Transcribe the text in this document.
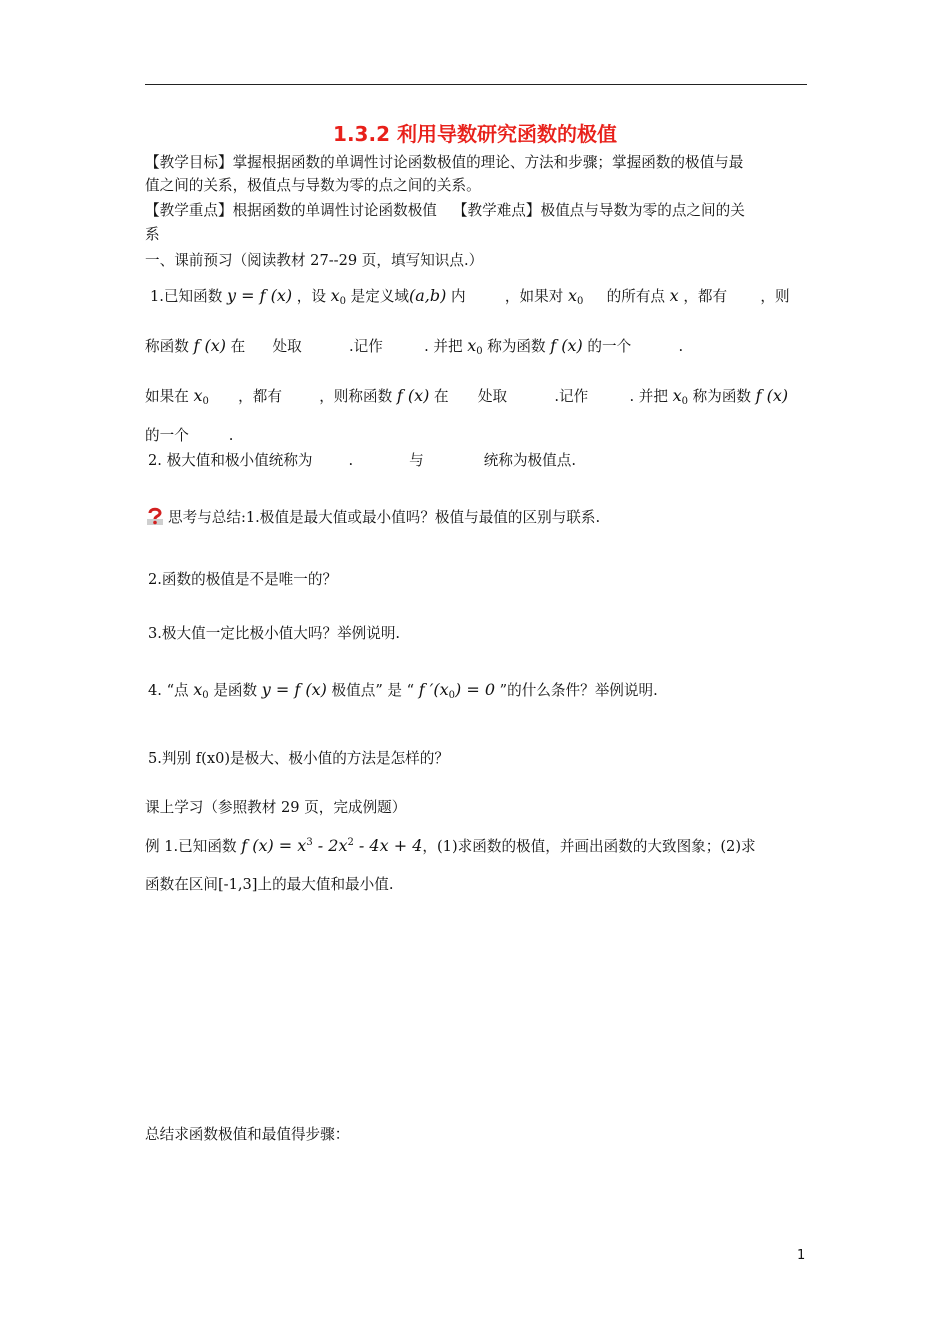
1.3.2 利用导数研究函数的极值
【教学目标】掌握根据函数的单调性讨论函数极值的理论、方法和步骤；掌握函数的极值与最
值之间的关系，极值点与导数为零的点之间的关系。
【教学重点】根据函数的单调性讨论函数极值 【教学难点】极值点与导数为零的点之间的关
系
一、课前预习（阅读教材 27--29 页，填写知识点.）
1.已知函数 y = f (x) ，设 $x_0$ 是定义域(a,b) 内	，如果对 $x_0$ 的所有点 x ，都有 ，则
称函数 f (x) 在 处取	.记作	. 并把 $x_0$ 称为函数 f (x) 的一个	.
如果在 $x_0$ ，都有	，则称函数 f (x) 在 处取	.记作	. 并把 $x_0$ 称为函数 f (x)
的一个	.
2. 极大值和极小值统称为 .	与	统称为极值点.
思考与总结:1.极值是最大值或最小值吗？极值与最值的区别与联系.
2.函数的极值是不是唯一的？
3.极大值一定比极小值大吗？举例说明.
4. “点 $x_0$ 是函数 y = f (x) 极值点” 是 “ f $'(x_0) = 0$ ”的什么条件？举例说明.
5.判别 f(x0)是极大、极小值的方法是怎样的？
课上学习（参照教材 29 页，完成例题）
例 1.已知函数 f $(x) = x^3 - 2x^2 - 4x + 4$，(1)求函数的极值，并画出函数的大致图象；(2)求
函数在区间[-1,3]上的最大值和最小值.
总结求函数极值和最值得步骤：
1
